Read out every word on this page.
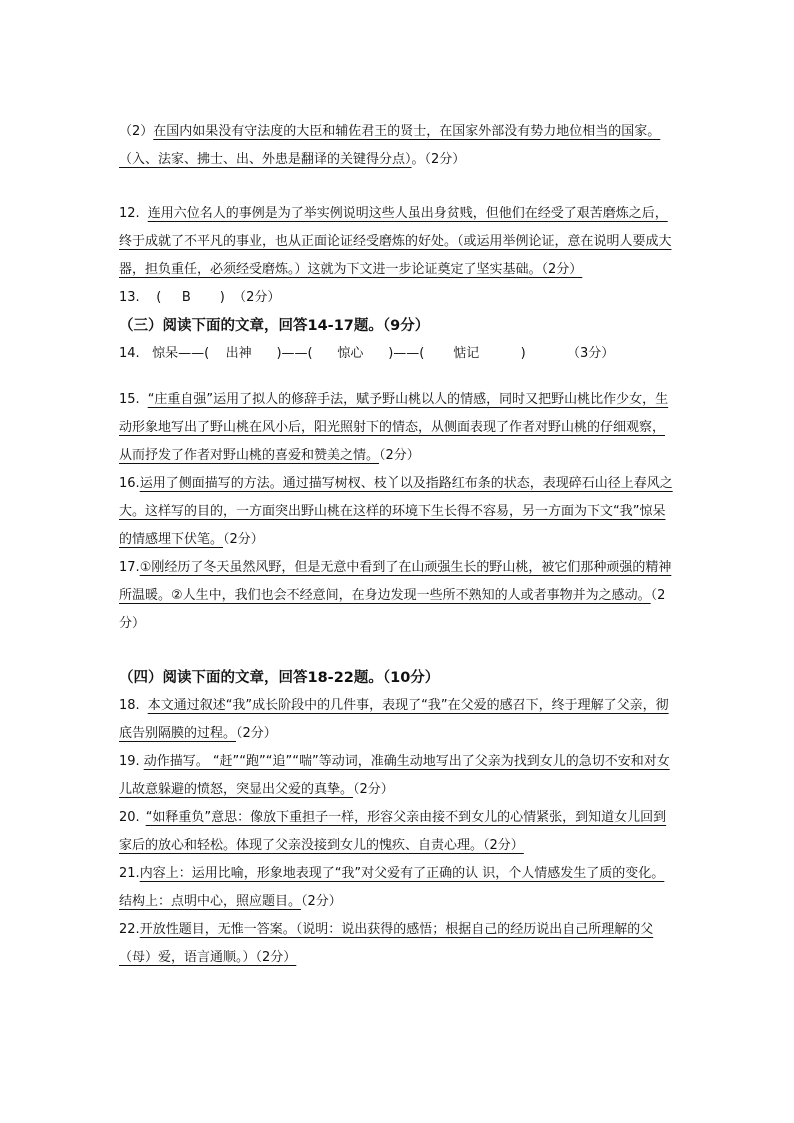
（2）在国内如果没有守法度的大臣和辅佐君王的贤士，在国家外部没有势力地位相当的国家。（入、法家、拂士、出、外患是翻译的关键得分点）。（2分）

12. 连用六位名人的事例是为了举实例说明这些人虽出身贫贱，但他们在经受了艰苦磨炼之后，终于成就了不平凡的事业，也从正面论证经受磨炼的好处。（或运用举例论证，意在说明人要成大器，担负重任，必须经受磨炼。）这就为下文进一步论证奠定了坚实基础。（2分）

13.    (     B       )  （2分）

（三）阅读下面的文章，回答14-17题。（9分）

14.   惊呆——(    出神      )——(      惊心      )——(       惦记          )          （3分）

15. “庄重自强”运用了拟人的修辞手法，赋予野山桃以人的情感，同时又把野山桃比作少女，生动形象地写出了野山桃在风小后，阳光照射下的情态，从侧面表现了作者对野山桃的仔细观察，从而抒发了作者对野山桃的喜爱和赞美之情。（2分）

16.运用了侧面描写的方法。通过描写树杈、枝丫以及指路红布条的状态，表现碎石山径上春风之大。这样写的目的，一方面突出野山桃在这样的环境下生长得不容易，另一方面为下文“我”惊呆的情感埋下伏笔。（2分）

17.①刚经历了冬天虽然风野，但是无意中看到了在山顽强生长的野山桃，被它们那种顽强的精神所温暖。②人生中，我们也会不经意间，在身边发现一些所不熟知的人或者事物并为之感动。（2分）

（四）阅读下面的文章，回答18-22题。（10分）

18. 本文通过叙述“我”成长阶段中的几件事，表现了“我”在父爱的感召下，终于理解了父亲，彻底告别隔膜的过程。（2分）

19. 动作描写。 “赶”“跑”“追”“喘”等动词，准确生动地写出了父亲为找到女儿的急切不安和对女儿故意躲避的愤怒，突显出父爱的真挚。（2分）

20. “如释重负”意思：像放下重担子一样，形容父亲由接不到女儿的心情紧张，到知道女儿回到家后的放心和轻松。体现了父亲没接到女儿的愧疚、自责心理。（2分）

21.内容上：运用比喻，形象地表现了“我”对父爱有了正确的认 识，个人情感发生了质的变化。结构上：点明中心，照应题目。（2分）

22.开放性题目，无惟一答案。（说明：说出获得的感悟；根据自己的经历说出自己所理解的父（母）爱，语言通顺。）（2分）
